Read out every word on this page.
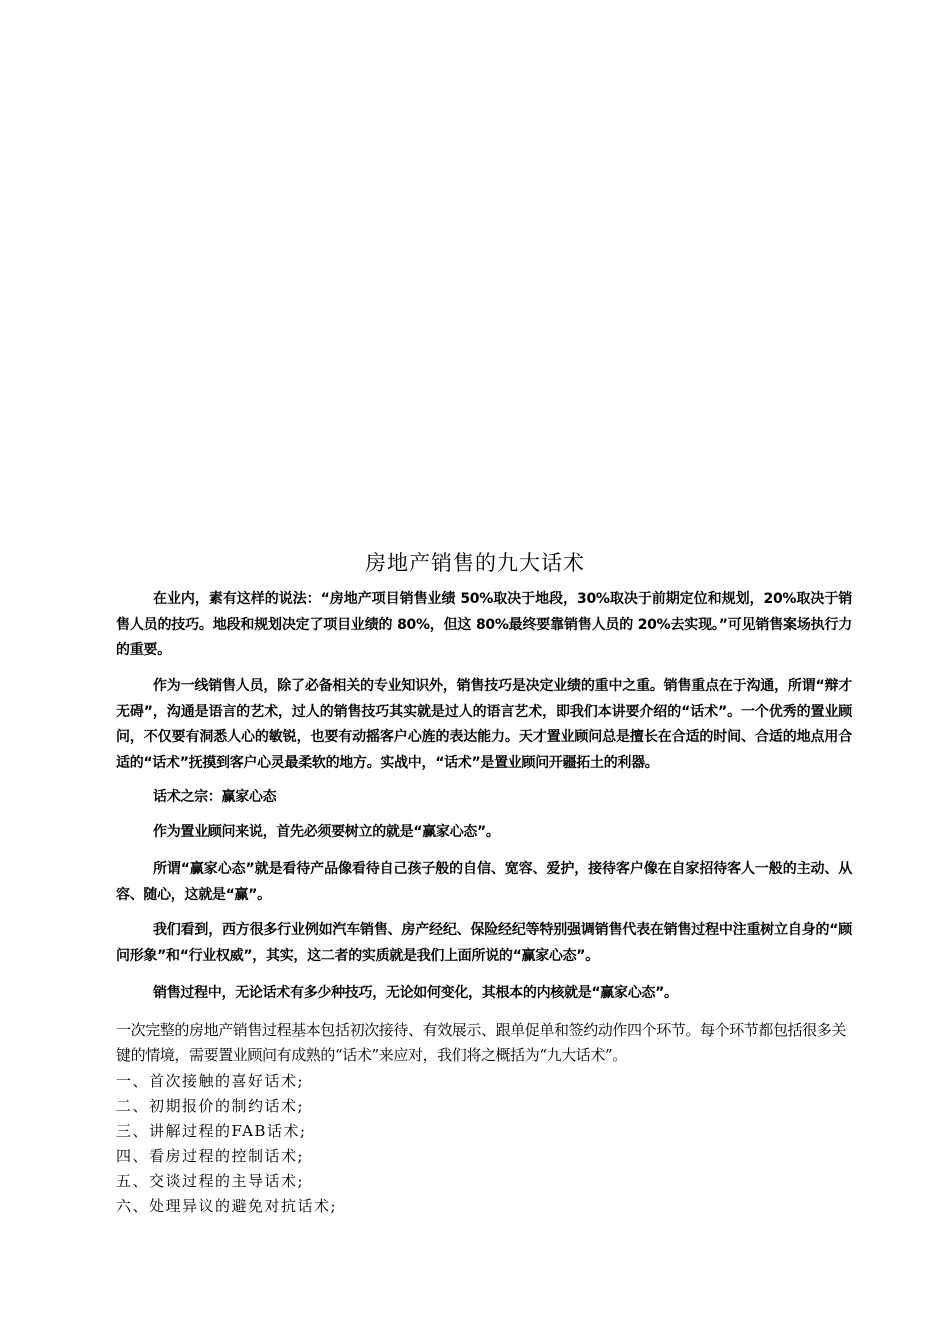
房地产销售的九大话术

在业内，素有这样的说法：“房地产项目销售业绩 50%取决于地段，30%取决于前期定位和规划，20%取决于销售人员的技巧。地段和规划决定了项目业绩的 80%，但这 80%最终要靠销售人员的 20%去实现。”可见销售案场执行力的重要。

作为一线销售人员，除了必备相关的专业知识外，销售技巧是决定业绩的重中之重。销售重点在于沟通，所谓“辩才无碍”，沟通是语言的艺术，过人的销售技巧其实就是过人的语言艺术，即我们本讲要介绍的“话术”。一个优秀的置业顾问，不仅要有洞悉人心的敏锐，也要有动摇客户心旌的表达能力。天才置业顾问总是擅长在合适的时间、合适的地点用合适的“话术”抚摸到客户心灵最柔软的地方。实战中，“话术”是置业顾问开疆拓土的利器。

话术之宗：赢家心态

作为置业顾问来说，首先必须要树立的就是“赢家心态”。

所谓“赢家心态”就是看待产品像看待自己孩子般的自信、宽容、爱护，接待客户像在自家招待客人一般的主动、从容、随心，这就是“赢”。

我们看到，西方很多行业例如汽车销售、房产经纪、保险经纪等特别强调销售代表在销售过程中注重树立自身的“顾问形象”和“行业权威”，其实，这二者的实质就是我们上面所说的“赢家心态”。

销售过程中，无论话术有多少种技巧，无论如何变化，其根本的内核就是“赢家心态”。

一次完整的房地产销售过程基本包括初次接待、有效展示、跟单促单和签约动作四个环节。每个环节都包括很多关键的情境，需要置业顾问有成熟的“话术”来应对，我们将之概括为“九大话术”。

一、首次接触的喜好话术;
二、初期报价的制约话术;
三、讲解过程的FAB话术;
四、看房过程的控制话术;
五、交谈过程的主导话术;
六、处理异议的避免对抗话术;
